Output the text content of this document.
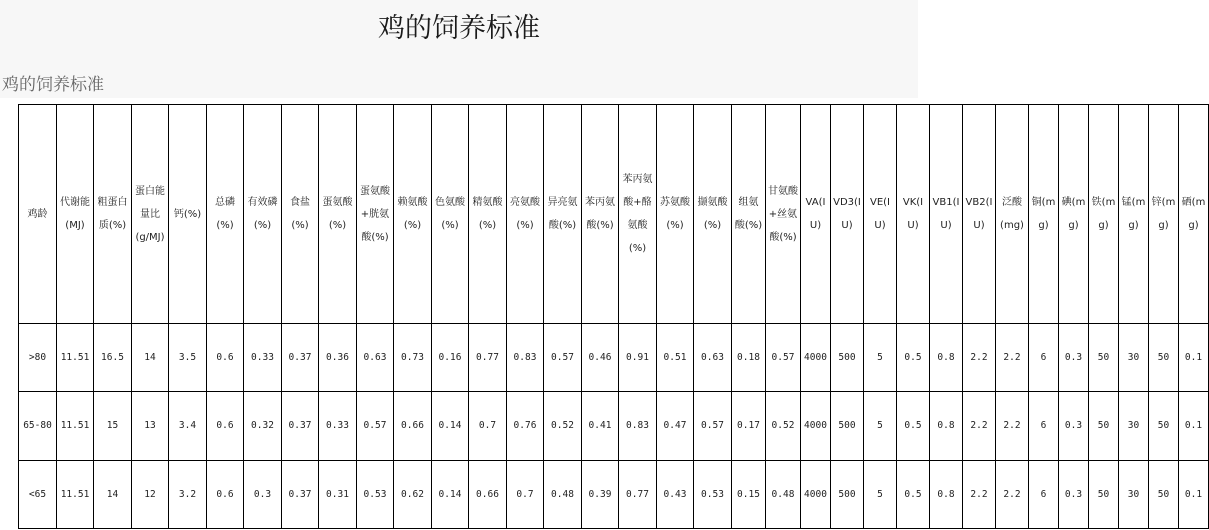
鸡的饲养标准
鸡的饲养标准
鸡龄	代谢能(MJ)	粗蛋白质(%)	蛋白能量比(g/MJ)	钙(%)	总磷(%)	有效磷(%)	食盐(%)	蛋氨酸(%)	蛋氨酸+胱氨酸(%)	赖氨酸(%)	色氨酸(%)	精氨酸(%)	亮氨酸(%)	异亮氨酸(%)	苯丙氨酸(%)	苯丙氨酸+酪氨酸(%)	苏氨酸(%)	撷氨酸(%)	组氨酸(%)	甘氨酸+丝氨酸(%)	VA(IU)	VD3(IU)	VE(IU)	VK(IU)	VB1(IU)	VB2(IU)	泛酸(mg)	铜(mg)	碘(mg)	铁(mg)	锰(mg)	锌(mg)	硒(mg)

>80	11.51	16.5	14	3.5	0.6	0.33	0.37	0.36	0.63	0.73	0.16	0.77	0.83	0.57	0.46	0.91	0.51	0.63	0.18	0.57	4000	500	5	0.5	0.8	2.2	2.2	6	0.3	50	30	50	0.1
65-80	11.51	15	13	3.4	0.6	0.32	0.37	0.33	0.57	0.66	0.14	0.7	0.76	0.52	0.41	0.83	0.47	0.57	0.17	0.52	4000	500	5	0.5	0.8	2.2	2.2	6	0.3	50	30	50	0.1
<65	11.51	14	12	3.2	0.6	0.3	0.37	0.31	0.53	0.62	0.14	0.66	0.7	0.48	0.39	0.77	0.43	0.53	0.15	0.48	4000	500	5	0.5	0.8	2.2	2.2	6	0.3	50	30	50	0.1
